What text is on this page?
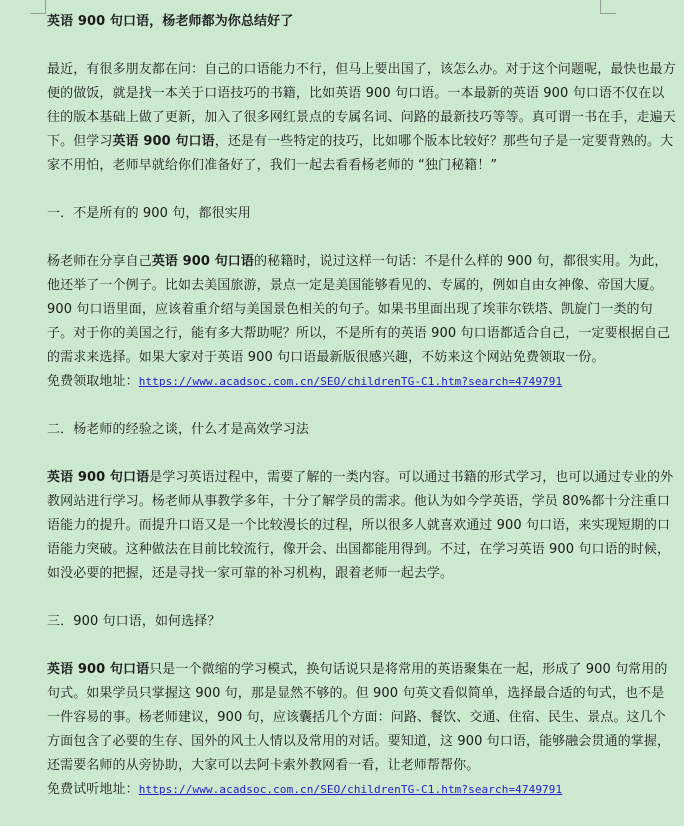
英语 900 句口语，杨老师都为你总结好了

最近，有很多朋友都在问：自己的口语能力不行，但马上要出国了，该怎么办。对于这个问题呢，最快也最方便的做饭，就是找一本关于口语技巧的书籍，比如英语 900 句口语。一本最新的英语 900 句口语不仅在以往的版本基础上做了更新，加入了很多网红景点的专属名词、问路的最新技巧等等。真可谓一书在手，走遍天下。但学习英语 900 句口语，还是有一些特定的技巧，比如哪个版本比较好？那些句子是一定要背熟的。大家不用怕，老师早就给你们准备好了，我们一起去看看杨老师的 “独门秘籍！”

一．不是所有的 900 句，都很实用

杨老师在分享自己英语 900 句口语的秘籍时，说过这样一句话：不是什么样的 900 句，都很实用。为此，他还举了一个例子。比如去美国旅游，景点一定是美国能够看见的、专属的，例如自由女神像、帝国大厦。900 句口语里面，应该着重介绍与美国景色相关的句子。如果书里面出现了埃菲尔铁塔、凯旋门一类的句子。对于你的美国之行，能有多大帮助呢？所以，不是所有的英语 900 句口语都适合自己，一定要根据自己的需求来选择。如果大家对于英语 900 句口语最新版很感兴趣，不妨来这个网站免费领取一份。

免费领取地址：https://www.acadsoc.com.cn/SEO/childrenTG-C1.htm?search=4749791

二．杨老师的经验之谈，什么才是高效学习法

英语 900 句口语是学习英语过程中，需要了解的一类内容。可以通过书籍的形式学习，也可以通过专业的外教网站进行学习。杨老师从事教学多年，十分了解学员的需求。他认为如今学英语，学员 80%都十分注重口语能力的提升。而提升口语又是一个比较漫长的过程，所以很多人就喜欢通过 900 句口语，来实现短期的口语能力突破。这种做法在目前比较流行，像开会、出国都能用得到。不过，在学习英语 900 句口语的时候，如没必要的把握，还是寻找一家可靠的补习机构，跟着老师一起去学。

三．900 句口语，如何选择？

英语 900 句口语只是一个微缩的学习模式，换句话说只是将常用的英语聚集在一起，形成了 900 句常用的句式。如果学员只掌握这 900 句，那是显然不够的。但 900 句英文看似简单，选择最合适的句式，也不是一件容易的事。杨老师建议，900 句，应该囊括几个方面：问路、餐饮、交通、住宿、民生、景点。这几个方面包含了必要的生存、国外的风土人情以及常用的对话。要知道，这 900 句口语，能够融会贯通的掌握，还需要名师的从旁协助，大家可以去阿卡索外教网看一看，让老师帮帮你。

免费试听地址：https://www.acadsoc.com.cn/SEO/childrenTG-C1.htm?search=4749791
